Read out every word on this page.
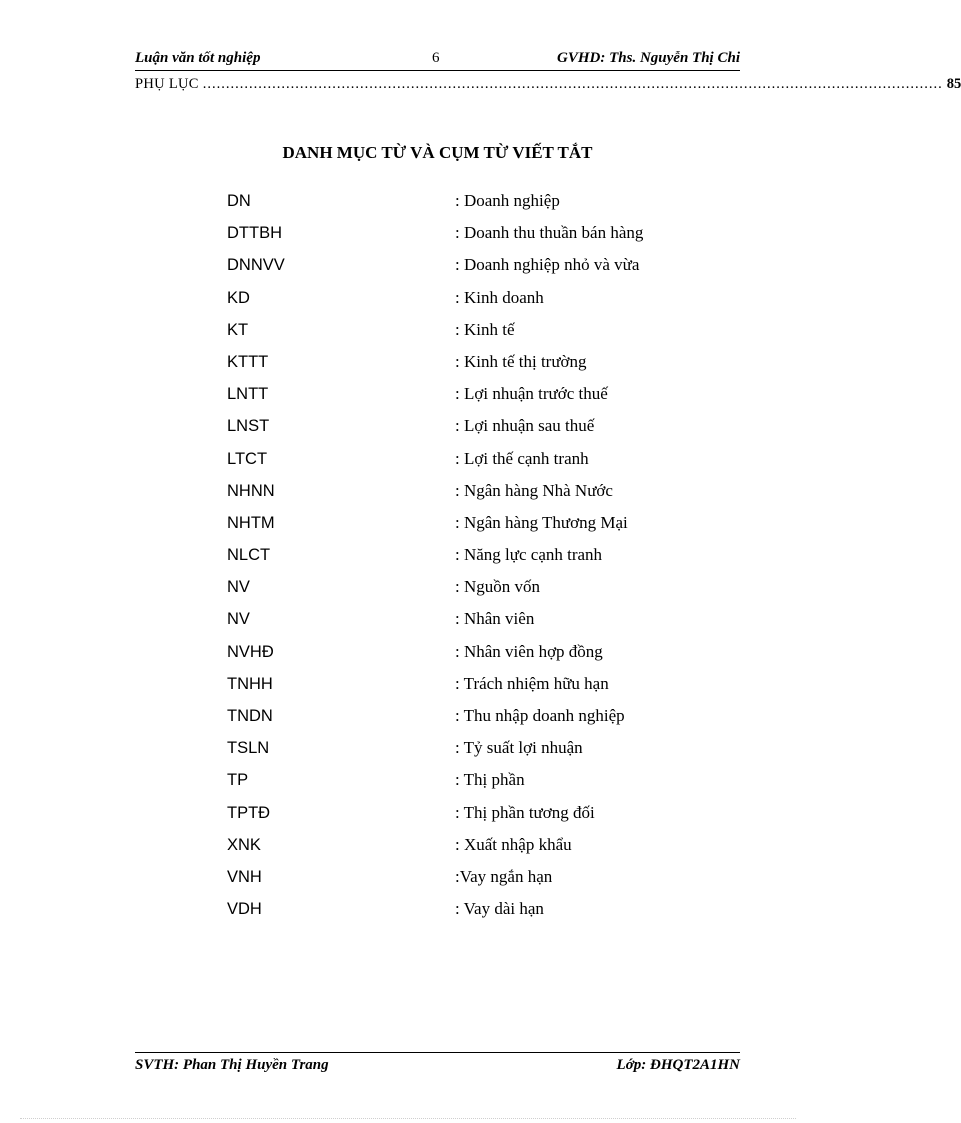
Luận văn tốt nghiệp	6	GVHD: Ths. Nguyễn Thị Chi
PHỤ LỤC ................................................................................................................................................................ 85
DANH MỤC TỪ VÀ CỤM TỪ VIẾT TẮT
DN	: Doanh nghiệp
DTTBH	: Doanh thu thuần bán hàng
DNNVV	: Doanh nghiệp nhỏ và vừa
KD	: Kinh doanh
KT	: Kinh tế
KTTT	: Kinh tế thị trường
LNTT	: Lợi nhuận trước thuế
LNST	: Lợi nhuận sau thuế
LTCT	: Lợi thế cạnh tranh
NHNN	: Ngân hàng Nhà Nước
NHTM	: Ngân hàng Thương Mại
NLCT	: Năng lực cạnh tranh
NV	: Nguồn vốn
NV	: Nhân viên
NVHĐ	: Nhân viên hợp đồng
TNHH	: Trách nhiệm hữu hạn
TNDN	: Thu nhập doanh nghiệp
TSLN	: Tỷ suất lợi nhuận
TP	: Thị phần
TPTĐ	: Thị phần tương đối
XNK	: Xuất nhập khẩu
VNH	:Vay ngắn hạn
VDH	: Vay dài hạn
SVTH: Phan Thị Huyền Trang	Lớp: ĐHQT2A1HN
